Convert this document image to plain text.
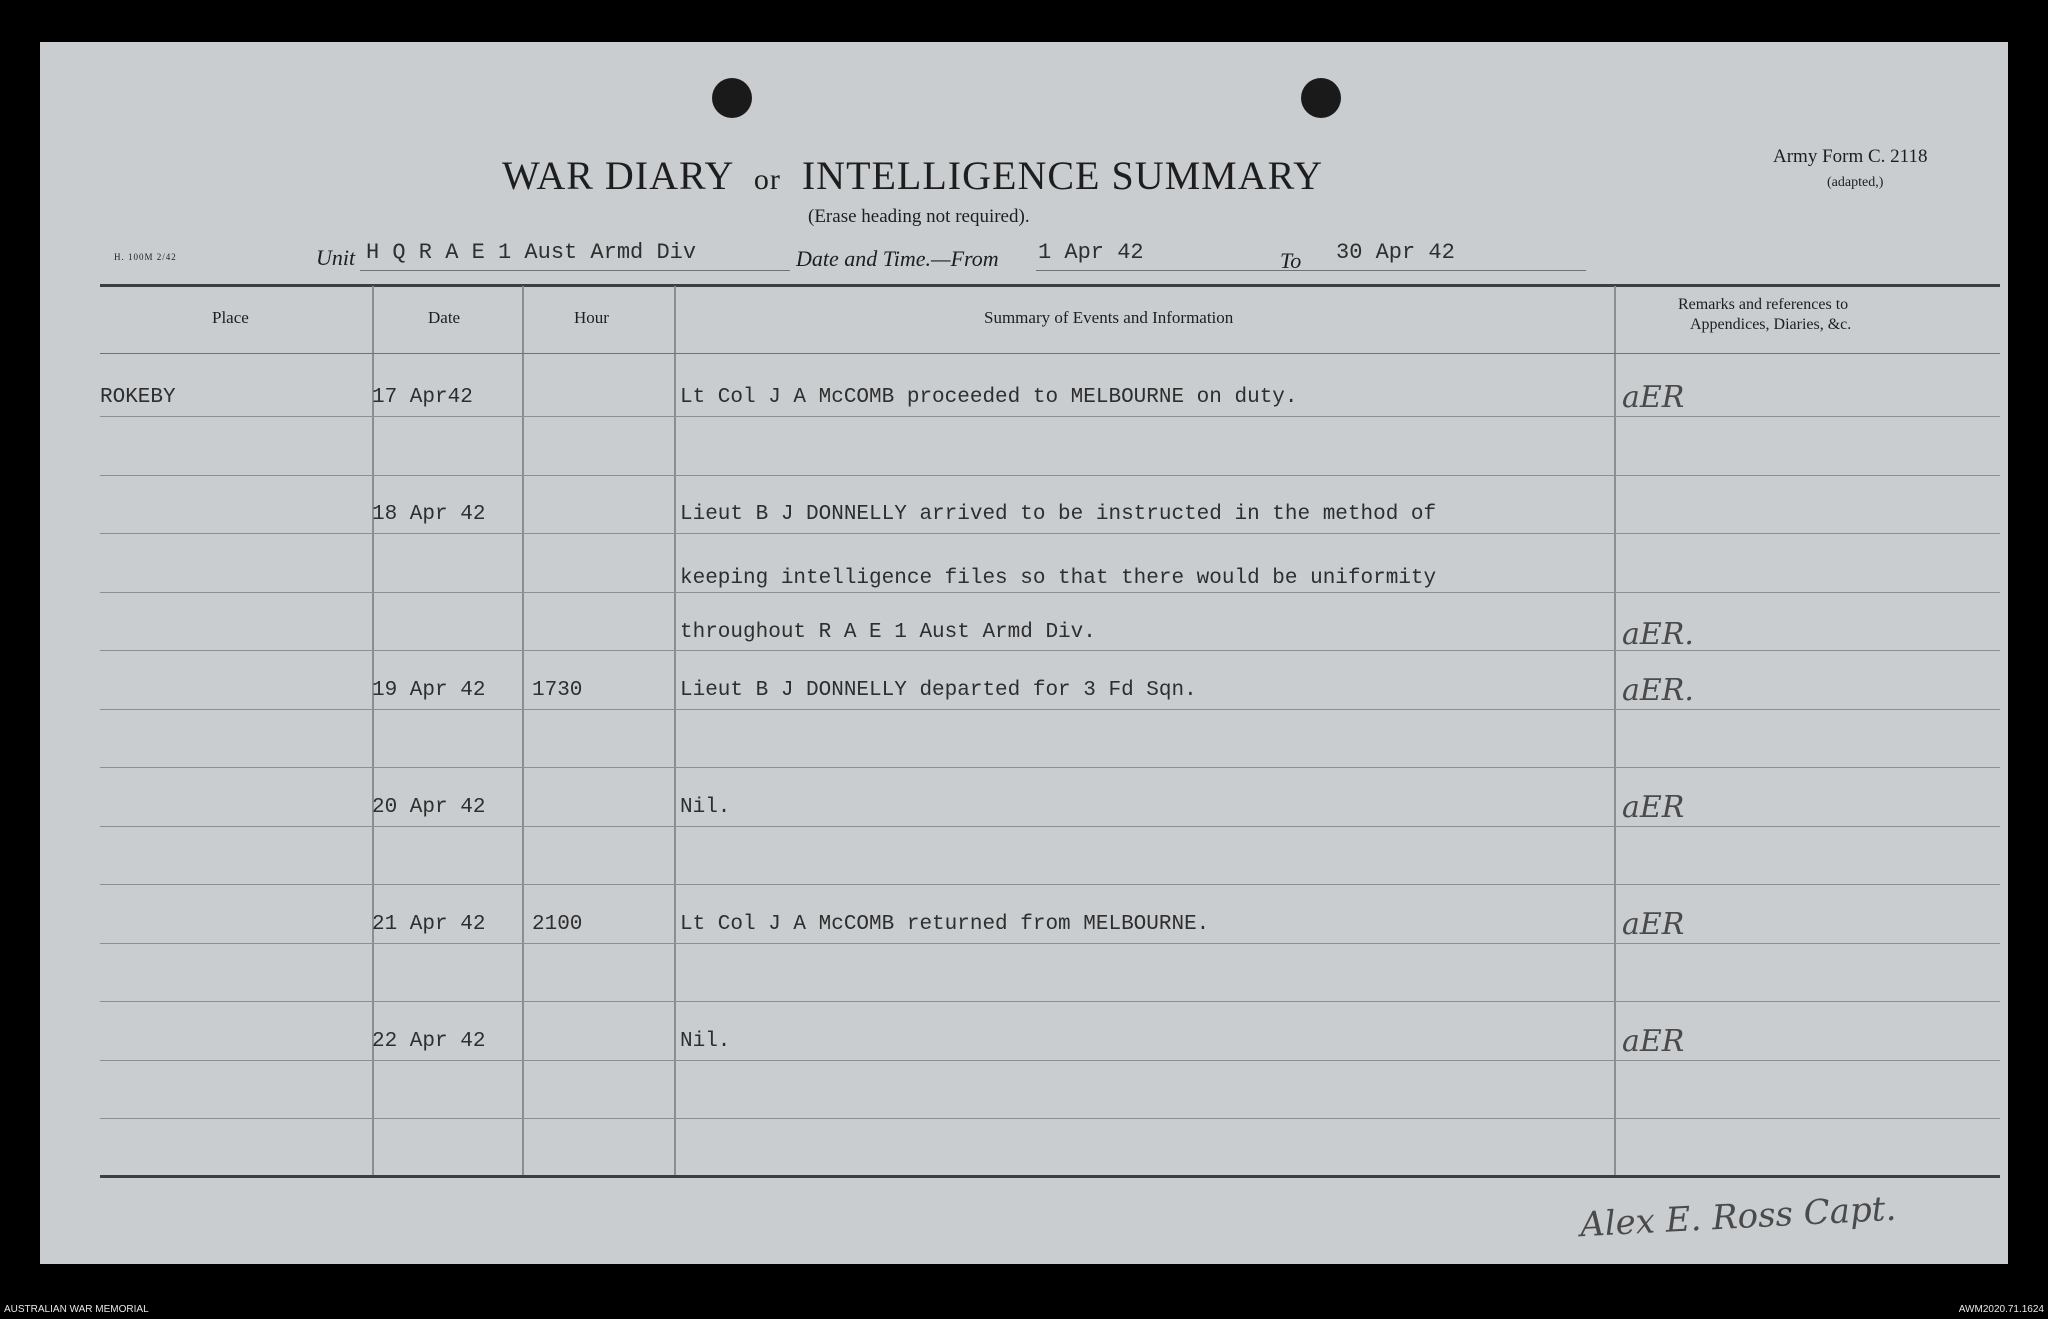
WAR DIARY or INTELLIGENCE SUMMARY
(Erase heading not required).
Army Form C. 2118
(adapted,)
H. 100M 2/42	Unit H Q R A E 1 Aust Armd Div	Date and Time.—From 1 Apr 42	To 30 Apr 42
Place	Date	Hour	Summary of Events and Information
Remarks and references to
Appendices, Diaries, &c.
ROKEBY	17 Apr42	Lt Col J A McCOMB proceeded to MELBOURNE on duty.	aER
18 Apr 42	Lieut B J DONNELLY arrived to be instructed in the method of
keeping intelligence files so that there would be uniformity
throughout R A E 1 Aust Armd Div.	aER.
19 Apr 42 1730	Lieut B J DONNELLY departed for 3 Fd Sqn.	aER.
20 Apr 42	Nil.	aER
21 Apr 42 2100	Lt Col J A McCOMB returned from MELBOURNE.	aER
22 Apr 42	Nil.	aER
Alex E. Ross Capt.
AUSTRALIAN WAR MEMORIAL	AWM2020.71.1624
